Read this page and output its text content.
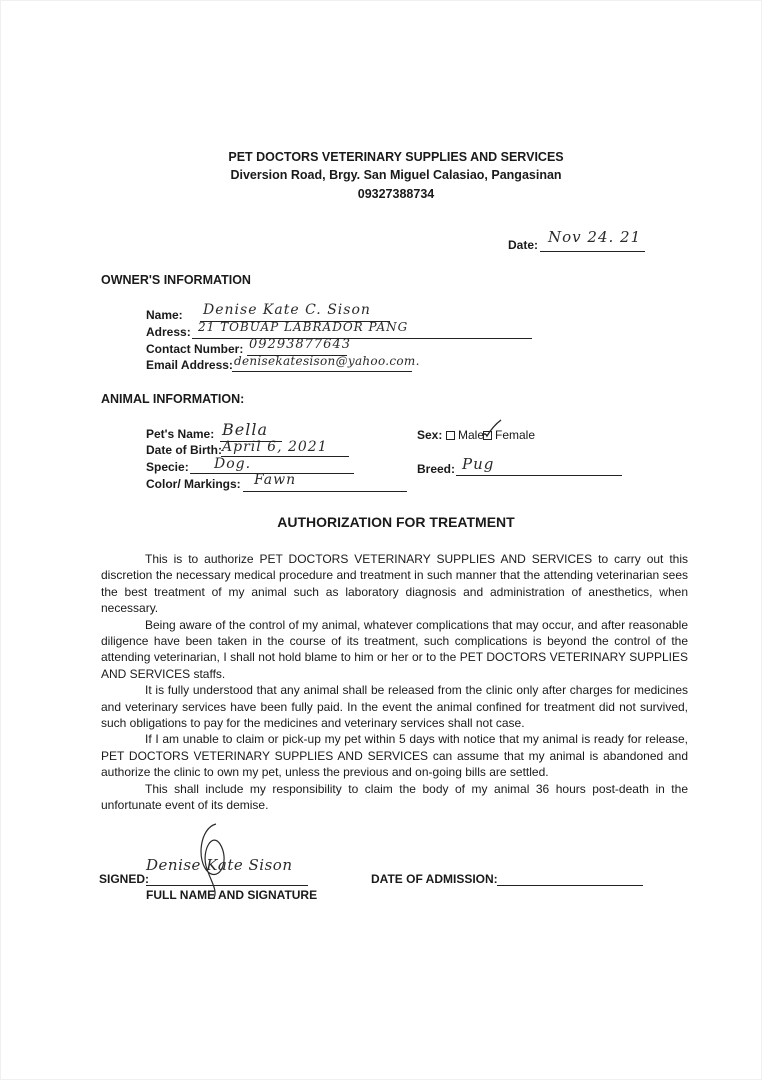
PET DOCTORS VETERINARY SUPPLIES AND SERVICES
Diversion Road, Brgy. San Miguel Calasiao, Pangasinan
09327388734
Date: Nov 24. 21
OWNER'S INFORMATION
Name: Denise Kate C. Sison
Adress: 21 TOBUAP LABRADOR PANG
Contact Number: 09293877643
Email Address: denisekatesison@yahoo.com.
ANIMAL INFORMATION:
Pet's Name: Bella
Date of Birth: April 6, 2021
Specie: Dog.
Color/ Markings: Fawn
Sex: Male Female
Breed: Pug
AUTHORIZATION FOR TREATMENT

This is to authorize PET DOCTORS VETERINARY SUPPLIES AND SERVICES to carry out this discretion the necessary medical procedure and treatment in such manner that the attending veterinarian sees the best treatment of my animal such as laboratory diagnosis and administration of anesthetics, when necessary.

Being aware of the control of my animal, whatever complications that may occur, and after reasonable diligence have been taken in the course of its treatment, such complications is beyond the control of the attending veterinarian, I shall not hold blame to him or her or to the PET DOCTORS VETERINARY SUPPLIES AND SERVICES staffs.

It is fully understood that any animal shall be released from the clinic only after charges for medicines and veterinary services have been fully paid. In the event the animal confined for treatment did not survived, such obligations to pay for the medicines and veterinary services shall not case.

If I am unable to claim or pick-up my pet within 5 days with notice that my animal is ready for release, PET DOCTORS VETERINARY SUPPLIES AND SERVICES can assume that my animal is abandoned and authorize the clinic to own my pet, unless the previous and on-going bills are settled.

This shall include my responsibility to claim the body of my animal 36 hours post-death in the unfortunate event of its demise.

SIGNED:
Denise Kate Sison
FULL NAME AND SIGNATURE
DATE OF ADMISSION:
